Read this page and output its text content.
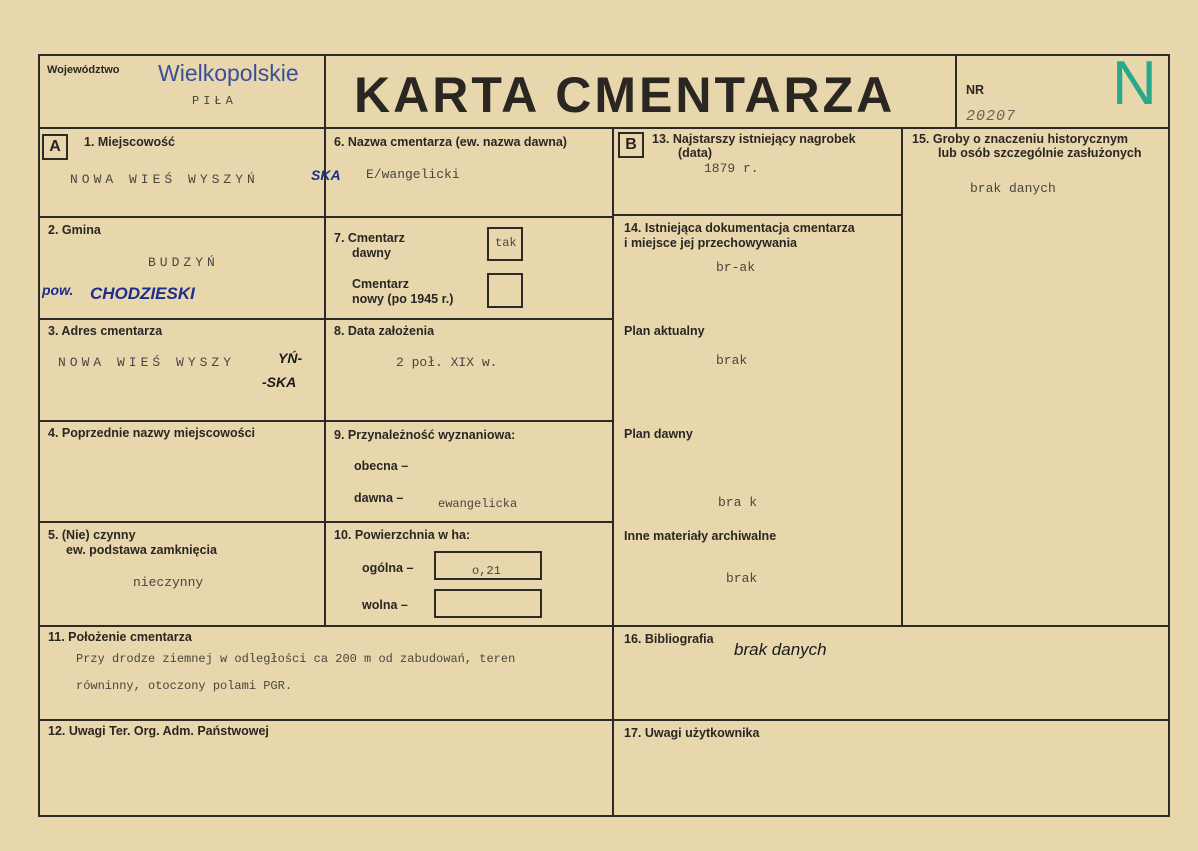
Województwo Wielkopolskie
PIŁA KARTA CMENTARZA	NR
20207 N
A	1. Miejscowość
NOWA WIEŚ WYSZYŃ	SKA
2. Gmina
BUDZYŃ
pow. CHODZIESKI
3. Adres cmentarza
NOWA WIEŚ WYSZY	YŃ-
-SKA
4. Poprzednie nazwy miejscowości
5. (Nie) czynny
ew. podstawa zamknięcia
nieczynny
6. Nazwa cmentarza (ew. nazwa dawna)
E/wangelicki
7. Cmentarz
dawny
tak
Cmentarz
nowy (po 1945 r.)
8. Data założenia
2 poł. XIX w.
9. Przynależność wyznaniowa:
obecna –
dawna –	ewangelicka
10. Powierzchnia w ha:
ogólna –	o,21
wolna –
B	13. Najstarszy istniejący nagrobek
(data)
1879 r.
14. Istniejąca dokumentacja cmentarza
i miejsce jej przechowywania
br-ak
Plan aktualny
brak
Plan dawny
bra k
Inne materiały archiwalne
brak
15. Groby o znaczeniu historycznym
lub osób szczególnie zasłużonych
brak danych
11. Położenie cmentarza
Przy drodze ziemnej w odległości ca 200 m od zabudowań, teren
równinny, otoczony polami PGR.
12. Uwagi Ter. Org. Adm. Państwowej
16. Bibliografia
brak danych
17. Uwagi użytkownika
